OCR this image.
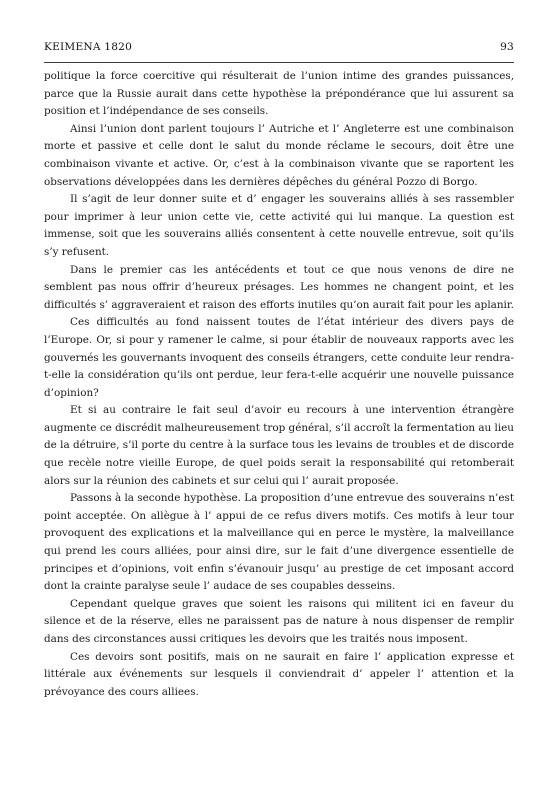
KEIMENA 1820	93

politique la force coercitive qui résulterait de l’union intime des grandes puissances, parce que la Russie aurait dans cette hypothèse la prépondérance que lui assurent sa position et l’indépendance de ses conseils.

Ainsi l’union dont parlent toujours l’ Autriche et l’ Angleterre est une combinaison morte et passive et celle dont le salut du monde réclame le secours, doit être une combinaison vivante et active. Or, c’est à la combinaison vivante que se raportent les observations développées dans les dernières dépêches du général Pozzo di Borgo.

Il s’agit de leur donner suite et d’ engager les souverains alliés à ses rassembler pour imprimer à leur union cette vie, cette activité qui lui manque. La question est immense, soit que les souverains alliés consentent à cette nouvelle entrevue, soit qu’ils s’y refusent.

Dans le premier cas les antécédents et tout ce que nous venons de dire ne semblent pas nous offrir d’heureux présages. Les hommes ne changent point, et les difficultés s’ aggraveraient et raison des efforts inutiles qu’on aurait fait pour les aplanir.

Ces difficultés au fond naissent toutes de l’état intérieur des divers pays de l’Europe. Or, si pour y ramener le calme, si pour établir de nouveaux rapports avec les gouvernés les gouvernants invoquent des conseils étrangers, cette conduite leur rendra-t-elle la considération qu’ils ont perdue, leur fera-t-elle acquérir une nouvelle puissance d’opinion?

Et si au contraire le fait seul d’avoir eu recours à une intervention étrangère augmente ce discrédit malheureusement trop général, s’il accroît la fermentation au lieu de la détruire, s’il porte du centre à la surface tous les levains de troubles et de discorde que recèle notre vieille Europe, de quel poids serait la responsabilité qui retomberait alors sur la réunion des cabinets et sur celui qui l’ aurait proposée.

Passons à la seconde hypothèse. La proposition d’une entrevue des souverains n’est point acceptée. On allègue à l’ appui de ce refus divers motifs. Ces motifs à leur tour provoquent des explications et la malveillance qui en perce le mystère, la malveillance qui prend les cours alliées, pour ainsi dire, sur le fait d’une divergence essentielle de principes et d’opinions, voit enfin s’évanouir jusqu’ au prestige de cet imposant accord dont la crainte paralyse seule l’ audace de ses coupables desseins.

Cependant quelque graves que soient les raisons qui militent ici en faveur du silence et de la réserve, elles ne paraissent pas de nature à nous dispenser de remplir dans des circonstances aussi critiques les devoirs que les traités nous imposent.

Ces devoirs sont positifs, mais on ne saurait en faire l’ application expresse et littérale aux événements sur lesquels il conviendrait d’ appeler l’ attention et la prévoyance des cours alliees.
